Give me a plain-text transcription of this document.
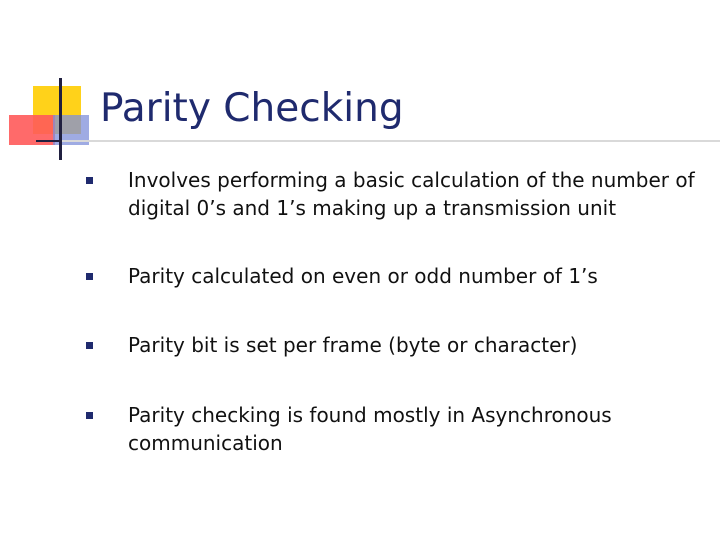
Parity Checking
Involves performing a basic calculation of the number of digital 0’s and 1’s making up a transmission unit
Parity calculated on even or odd number of 1’s
Parity bit is set per frame (byte or character)
Parity checking is found mostly in Asynchronous communication
